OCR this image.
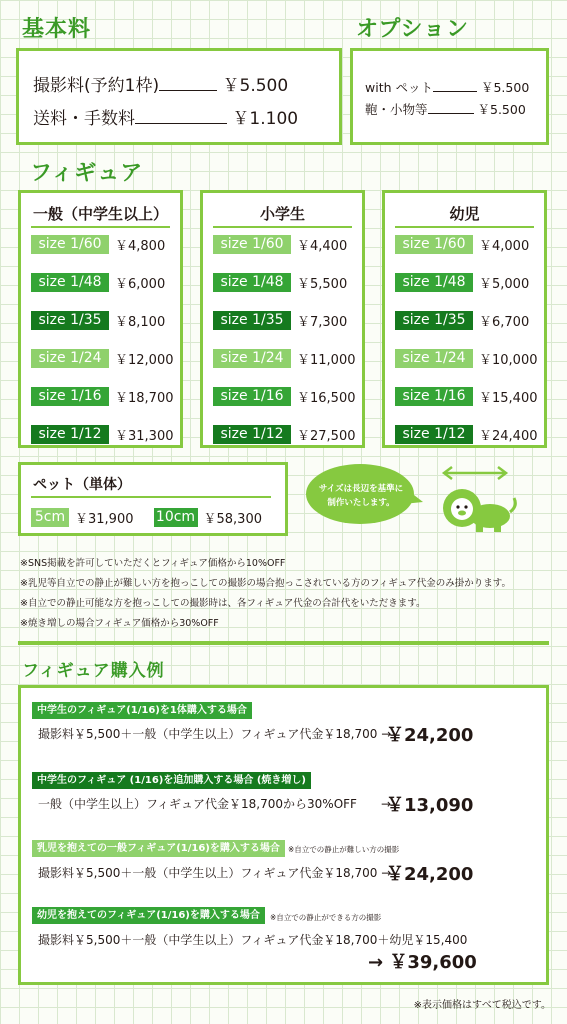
基本料
撮影料(予約1枠)	￥5.500
送料・手数料	￥1.100
オプション
with ペット	￥5.500
鞄・小物等	￥5.500
フィギュア
一般（中学生以上）
size 1/60	￥4,800
size 1/48	￥6,000
size 1/35	￥8,100
size 1/24	￥12,000
size 1/16	￥18,700
size 1/12	￥31,300
小学生
size 1/60	￥4,400
size 1/48	￥5,500
size 1/35	￥7,300
size 1/24	￥11,000
size 1/16	￥16,500
size 1/12	￥27,500
幼児
size 1/60	￥4,000
size 1/48	￥5,000
size 1/35	￥6,700
size 1/24	￥10,000
size 1/16	￥15,400
size 1/12	￥24,400
ペット（単体）
5cm ￥31,900 10cm ￥58,300
サイズは長辺を基準に
制作いたします。
※SNS掲載を許可していただくとフィギュア価格から10%OFF
※乳児等自立での静止が難しい方を抱っこしての撮影の場合抱っこされている方のフィギュア代金のみ掛かります。
※自立での静止可能な方を抱っこしての撮影時は、各フィギュア代金の合計代をいただきます。
※焼き増しの場合フィギュア価格から30%OFF
フィギュア購入例
中学生のフィギュア(1/16)を1体購入する場合
撮影料￥5,500＋一般（中学生以上）フィギュア代金￥18,700 →
￥24,200
中学生のフィギュア (1/16)を追加購入する場合 (焼き増し)
一般（中学生以上）フィギュア代金￥18,700から30%OFF　　→
￥13,090
乳児を抱えての一般フィギュア(1/16)を購入する場合	※自立での静止が難しい方の撮影
撮影料￥5,500＋一般（中学生以上）フィギュア代金￥18,700 →
￥24,200
幼児を抱えてのフィギュア(1/16)を購入する場合	※自立での静止ができる方の撮影
撮影料￥5,500＋一般（中学生以上）フィギュア代金￥18,700＋幼児￥15,400
→ ￥39,600
※表示価格はすべて税込です。
